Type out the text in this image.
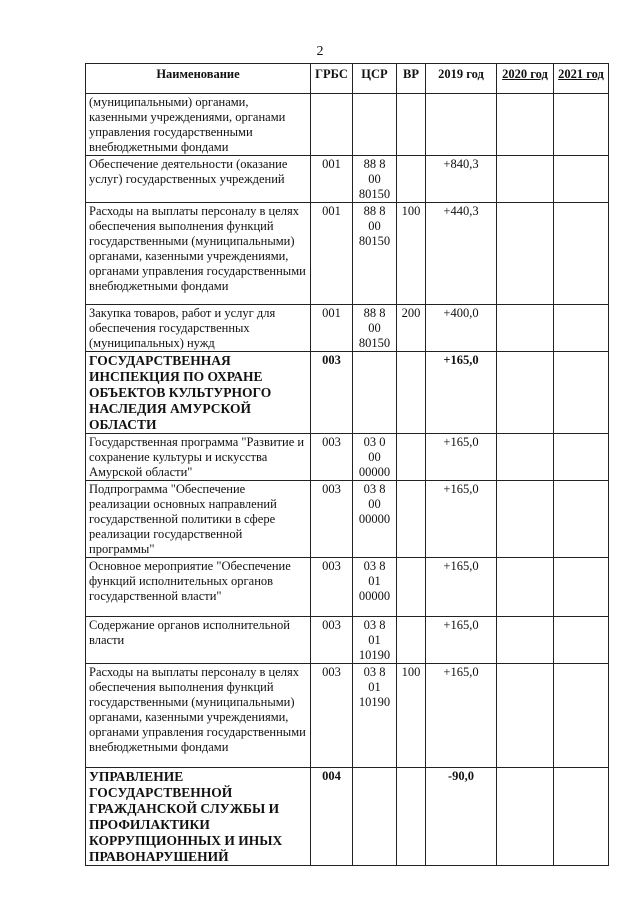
2
Наименование	ГРБС	ЦСР	ВР	2019 год	2020 год	2021 год
(муниципальными) органами, казенными учреждениями, органами управления государственными внебюджетными фондами						
Обеспечение деятельности (оказание услуг) государственных учреждений	001	88 8 00 80150		+840,3		
Расходы на выплаты персоналу в целях обеспечения выполнения функций государственными (муниципальными) органами, казенными учреждениями, органами управления государственными внебюджетными фондами	001	88 8 00 80150	100	+440,3		
Закупка товаров, работ и услуг для обеспечения государственных (муниципальных) нужд	001	88 8 00 80150	200	+400,0		
ГОСУДАРСТВЕННАЯ ИНСПЕКЦИЯ ПО ОХРАНЕ ОБЪЕКТОВ КУЛЬТУРНОГО НАСЛЕДИЯ АМУРСКОЙ ОБЛАСТИ	003			+165,0		
Государственная программа "Развитие и сохранение культуры и искусства Амурской области"	003	03 0 00 00000		+165,0		
Подпрограмма "Обеспечение реализации основных направлений государственной политики в сфере реализации государственной программы"	003	03 8 00 00000		+165,0		
Основное мероприятие "Обеспечение функций исполнительных органов государственной власти"	003	03 8 01 00000		+165,0		
Содержание органов исполнительной власти	003	03 8 01 10190		+165,0		
Расходы на выплаты персоналу в целях обеспечения выполнения функций государственными (муниципальными) органами, казенными учреждениями, органами управления государственными внебюджетными фондами	003	03 8 01 10190	100	+165,0		
УПРАВЛЕНИЕ ГОСУДАРСТВЕННОЙ ГРАЖДАНСКОЙ СЛУЖБЫ И ПРОФИЛАКТИКИ КОРРУПЦИОННЫХ И ИНЫХ ПРАВОНАРУШЕНИЙ	004			-90,0		
